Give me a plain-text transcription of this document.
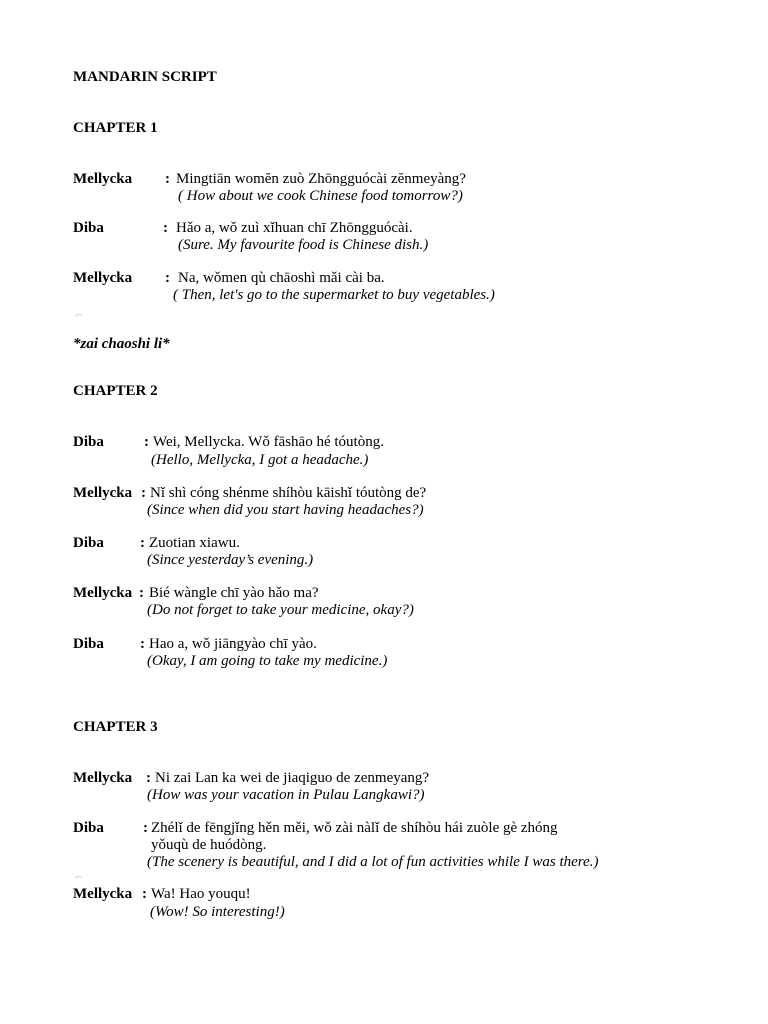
MANDARIN SCRIPT
CHAPTER 1
Mellycka : Mingtiān womĕn zuò Zhōngguócài zĕnmeyàng?
( How about we cook Chinese food tomorrow?)
Diba	: Hǎo a, wǒ zuì xǐhuan chī Zhōngguócài.
(Sure. My favourite food is Chinese dish.)
Mellycka : Na, wǒmen qù chāoshì mǎi cài ba.
( Then, let's go to the supermarket to buy vegetables.)
⤺
*zai chaoshi li*
CHAPTER 2
Diba	: Wei, Mellycka. Wǒ fāshāo hé tóutòng.
(Hello, Mellycka, I got a headache.)
Mellycka : Nǐ shì cóng shénme shíhòu kāishǐ tóutòng de?
(Since when did you start having headaches?)
Diba : Zuotian xiawu.
(Since yesterday’s evening.)
Mellycka : Bié wàngle chī yào hǎo ma?
(Do not forget to take your medicine, okay?)
Diba : Hao a, wǒ jiāngyào chī yào.
(Okay, I am going to take my medicine.)
CHAPTER 3
Mellycka : Ni zai Lan ka wei de jiaqiguo de zenmeyang?
(How was your vacation in Pulau Langkawi?)
Diba	: Zhélǐ de fēngjǐng hěn měi, wǒ zài nàlǐ de shíhòu hái zuòle gè zhóng
yǒuqù de huódòng.
(The scenery is beautiful, and I did a lot of fun activities while I was there.)
⤺
Mellycka : Wa! Hao youqu!
(Wow! So interesting!)
